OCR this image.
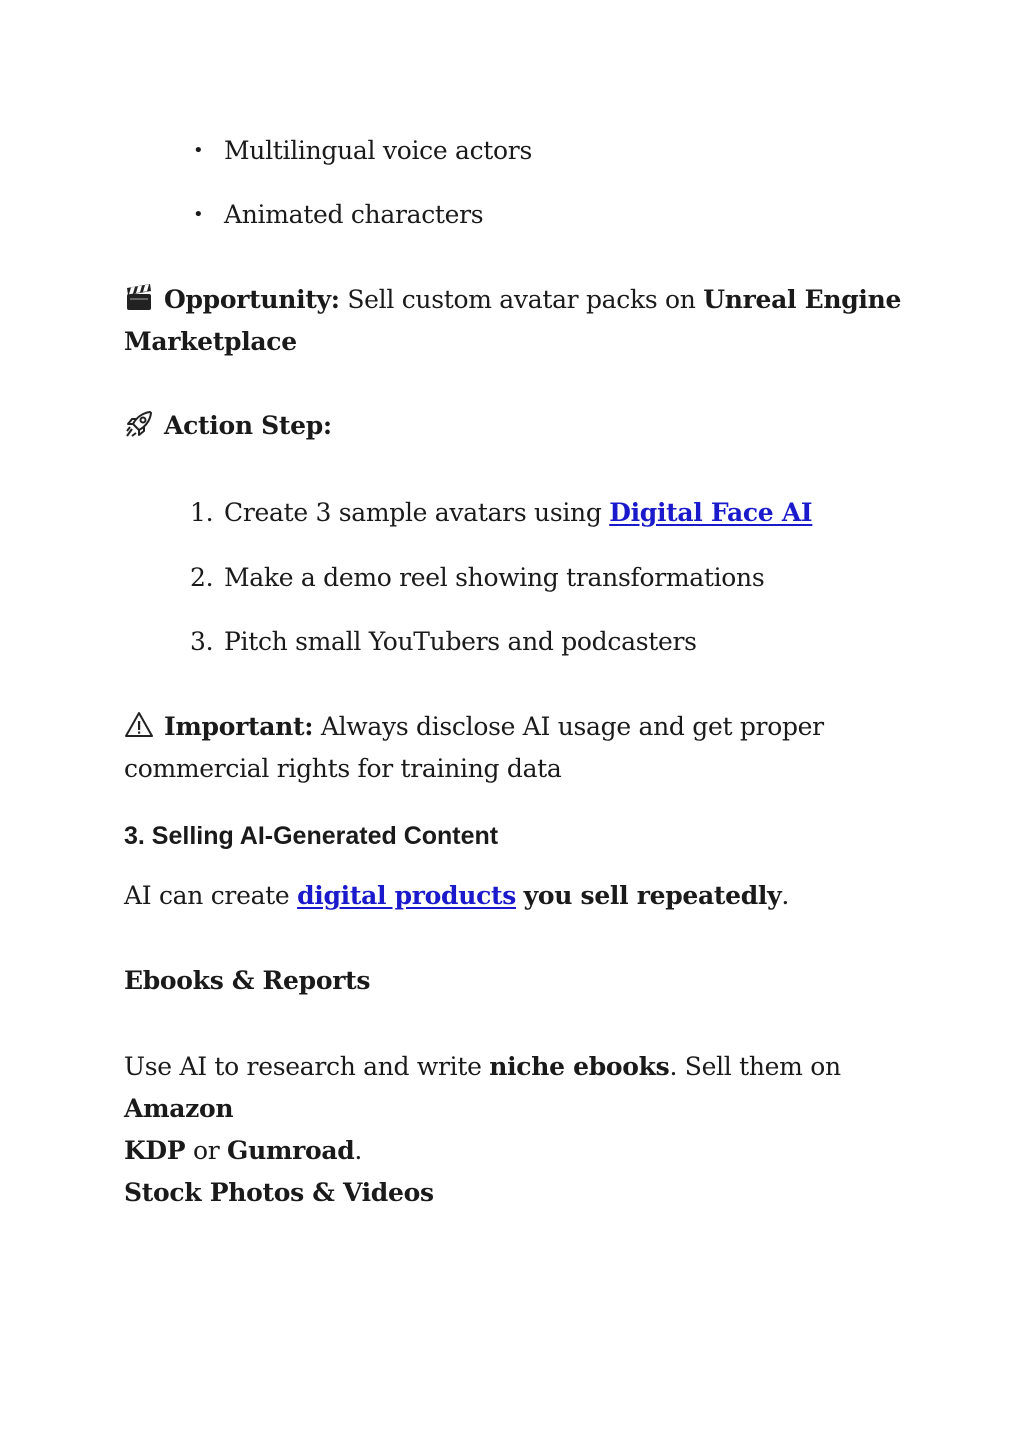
• Multilingual voice actors
• Animated characters
Opportunity: Sell custom avatar packs on Unreal Engine
Marketplace
Action Step:
1. Create 3 sample avatars using Digital Face AI
2. Make a demo reel showing transformations
3. Pitch small YouTubers and podcasters
Important: Always disclose AI usage and get proper
commercial rights for training data
3. Selling AI-Generated Content
AI can create digital products you sell repeatedly.
Ebooks & Reports
Use AI to research and write niche ebooks. Sell them on Amazon
KDP or Gumroad.
Stock Photos & Videos
